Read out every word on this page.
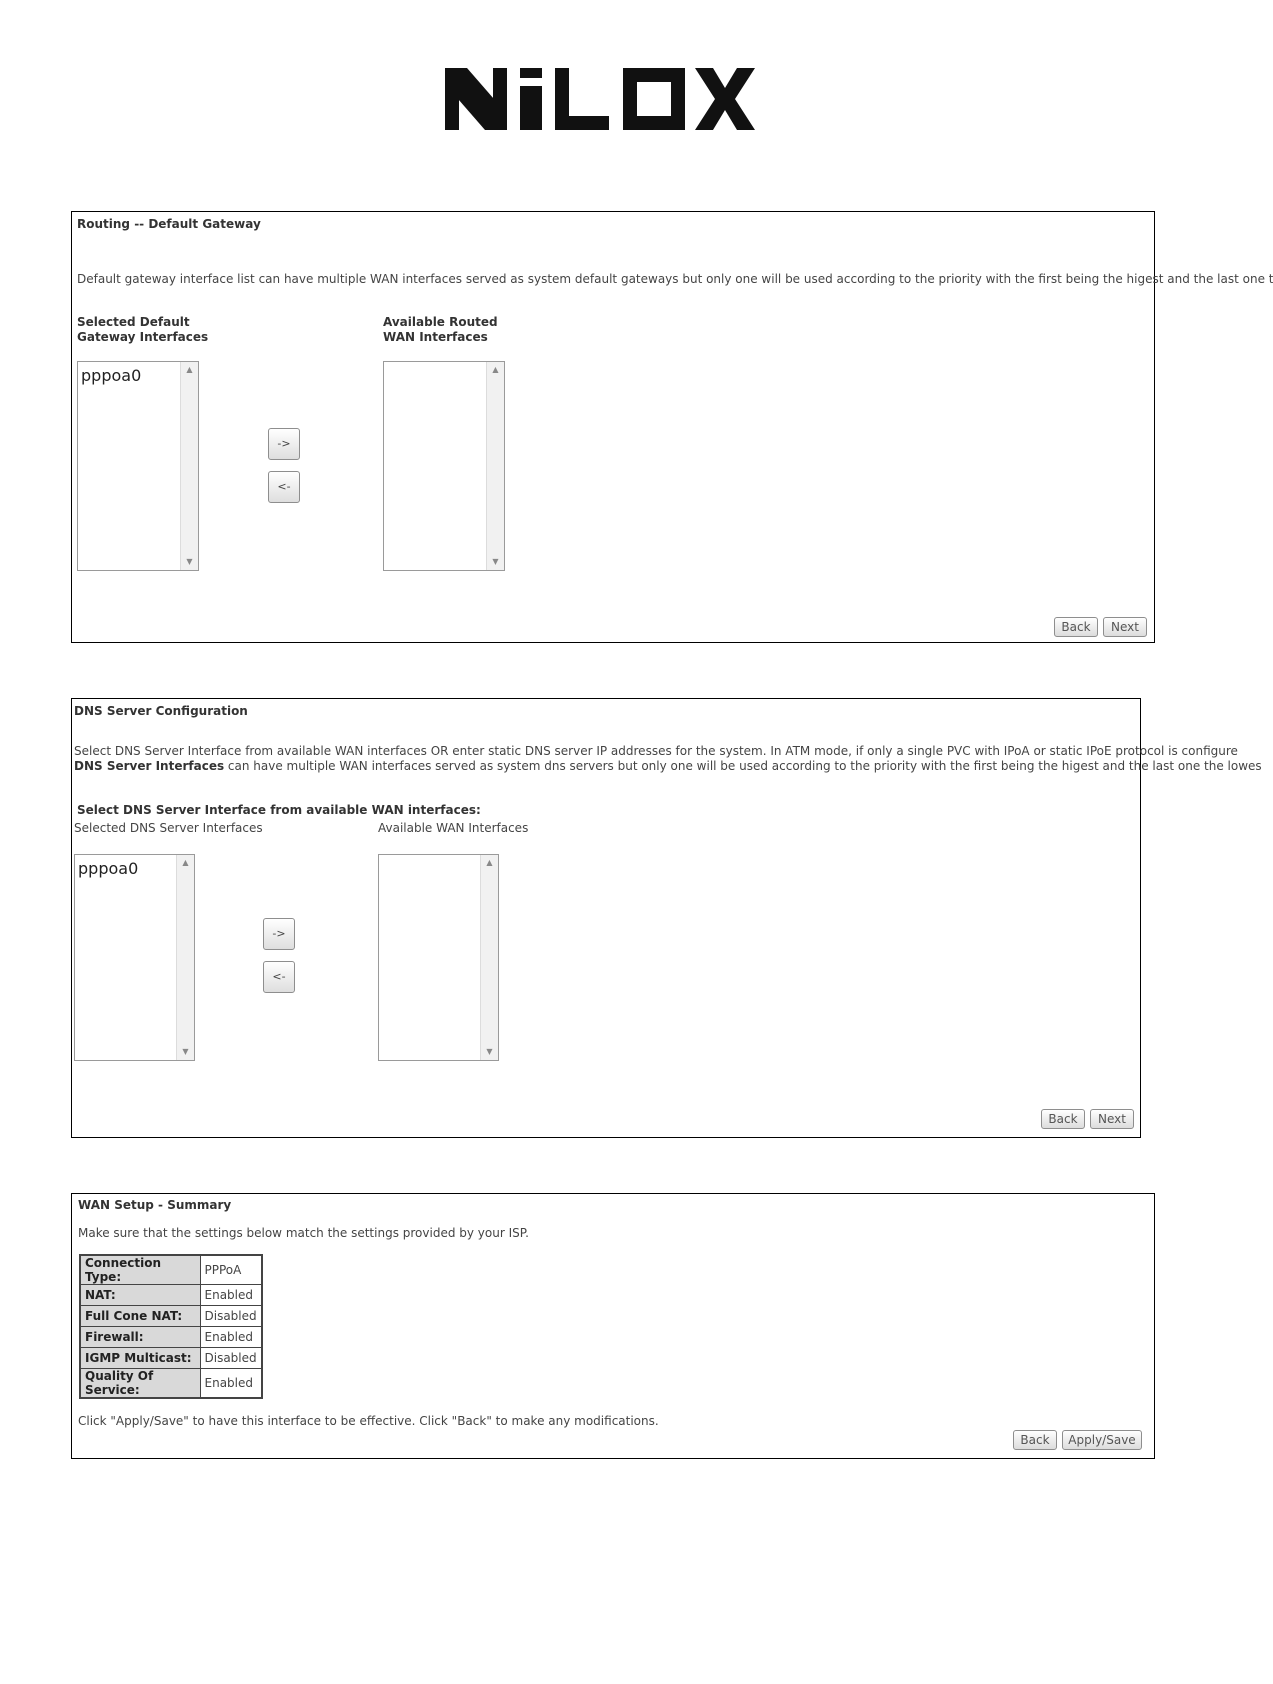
Routing -- Default Gateway
Default gateway interface list can have multiple WAN interfaces served as system default gateways but only one will be used according to the priority with the first being the higest and the last one t
Selected Default Gateway Interfaces
Available Routed WAN Interfaces
pppoa0	▲
▼
->
<-
▲
▼
Back	Next
DNS Server Configuration
Select DNS Server Interface from available WAN interfaces OR enter static DNS server IP addresses for the system. In ATM mode, if only a single PVC with IPoA or static IPoE protocol is configure
DNS Server Interfaces can have multiple WAN interfaces served as system dns servers but only one will be used according to the priority with the first being the higest and the last one the lowes
Select DNS Server Interface from available WAN interfaces:
Selected DNS Server Interfaces	Available WAN Interfaces
pppoa0	▲
▼
->
<-
▲
▼
Back	Next
WAN Setup - Summary
Make sure that the settings below match the settings provided by your ISP.
Connection Type:	PPPoA
NAT:	Enabled
Full Cone NAT:	Disabled
Firewall:	Enabled
IGMP Multicast:	Disabled
Quality Of Service:	Enabled
Click "Apply/Save" to have this interface to be effective. Click "Back" to make any modifications.
Back	Apply/Save
